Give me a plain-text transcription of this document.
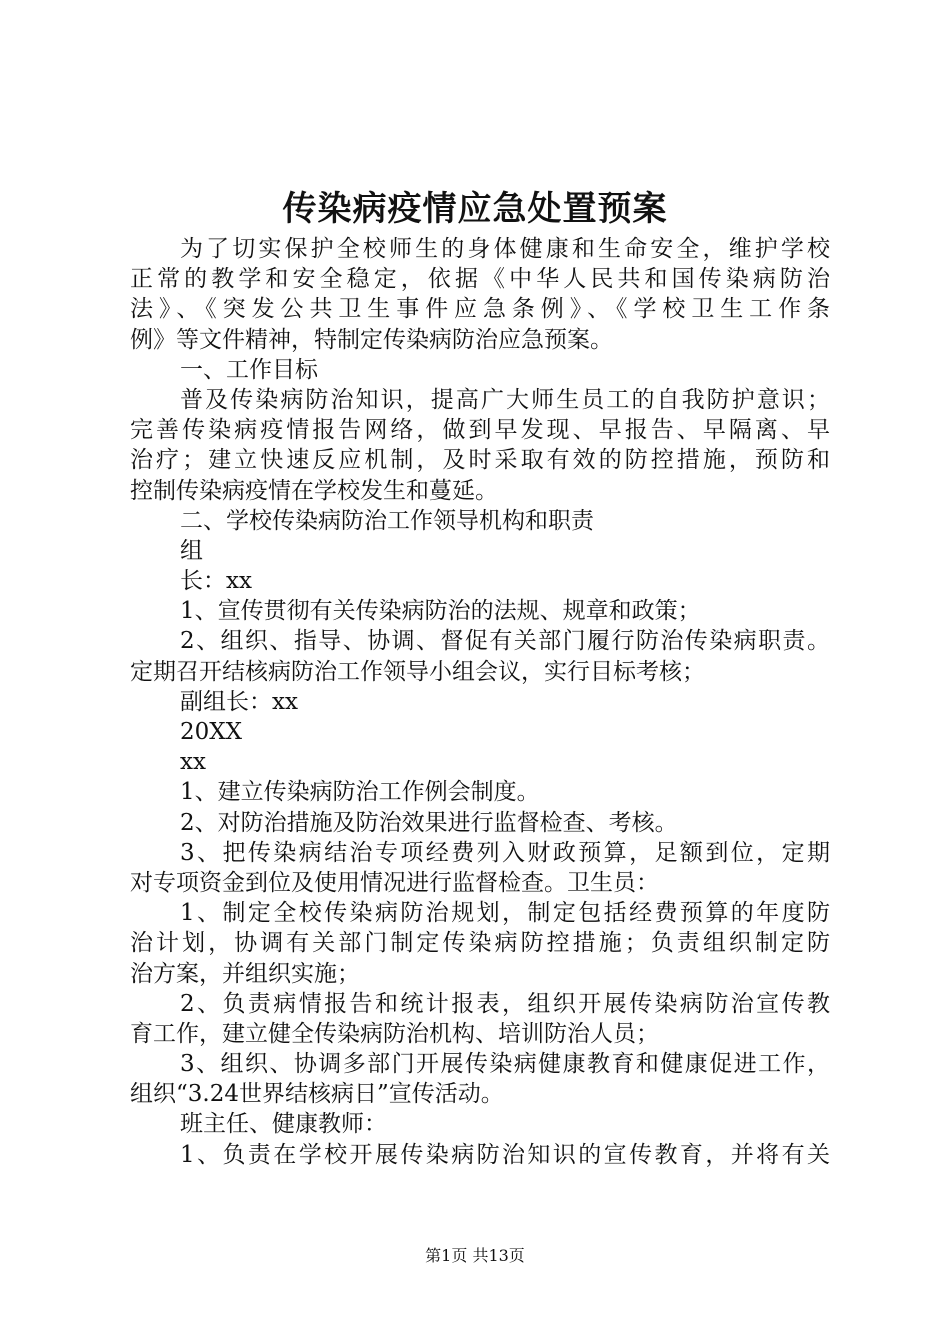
传染病疫情应急处置预案
为了切实保护全校师生的身体健康和生命安全，维护学校
正常的教学和安全稳定，依据《中华人民共和国传染病防治
法》、《突发公共卫生事件应急条例》、《学校卫生工作条
例》等文件精神，特制定传染病防治应急预案。
一、工作目标
普及传染病防治知识，提高广大师生员工的自我防护意识；
完善传染病疫情报告网络，做到早发现、早报告、早隔离、早
治疗；建立快速反应机制，及时采取有效的防控措施，预防和
控制传染病疫情在学校发生和蔓延。
二、学校传染病防治工作领导机构和职责
组
长：xx
1、宣传贯彻有关传染病防治的法规、规章和政策；
2、组织、指导、协调、督促有关部门履行防治传染病职责。
定期召开结核病防治工作领导小组会议，实行目标考核；
副组长：xx
20XX
xx
1、建立传染病防治工作例会制度。
2、对防治措施及防治效果进行监督检查、考核。
3、把传染病结治专项经费列入财政预算，足额到位，定期
对专项资金到位及使用情况进行监督检查。卫生员：
1、制定全校传染病防治规划，制定包括经费预算的年度防
治计划，协调有关部门制定传染病防控措施；负责组织制定防
治方案，并组织实施；
2、负责病情报告和统计报表，组织开展传染病防治宣传教
育工作，建立健全传染病防治机构、培训防治人员；
3、组织、协调多部门开展传染病健康教育和健康促进工作，
组织“3.24世界结核病日”宣传活动。
班主任、健康教师：
1、负责在学校开展传染病防治知识的宣传教育，并将有关
第1页 共13页
